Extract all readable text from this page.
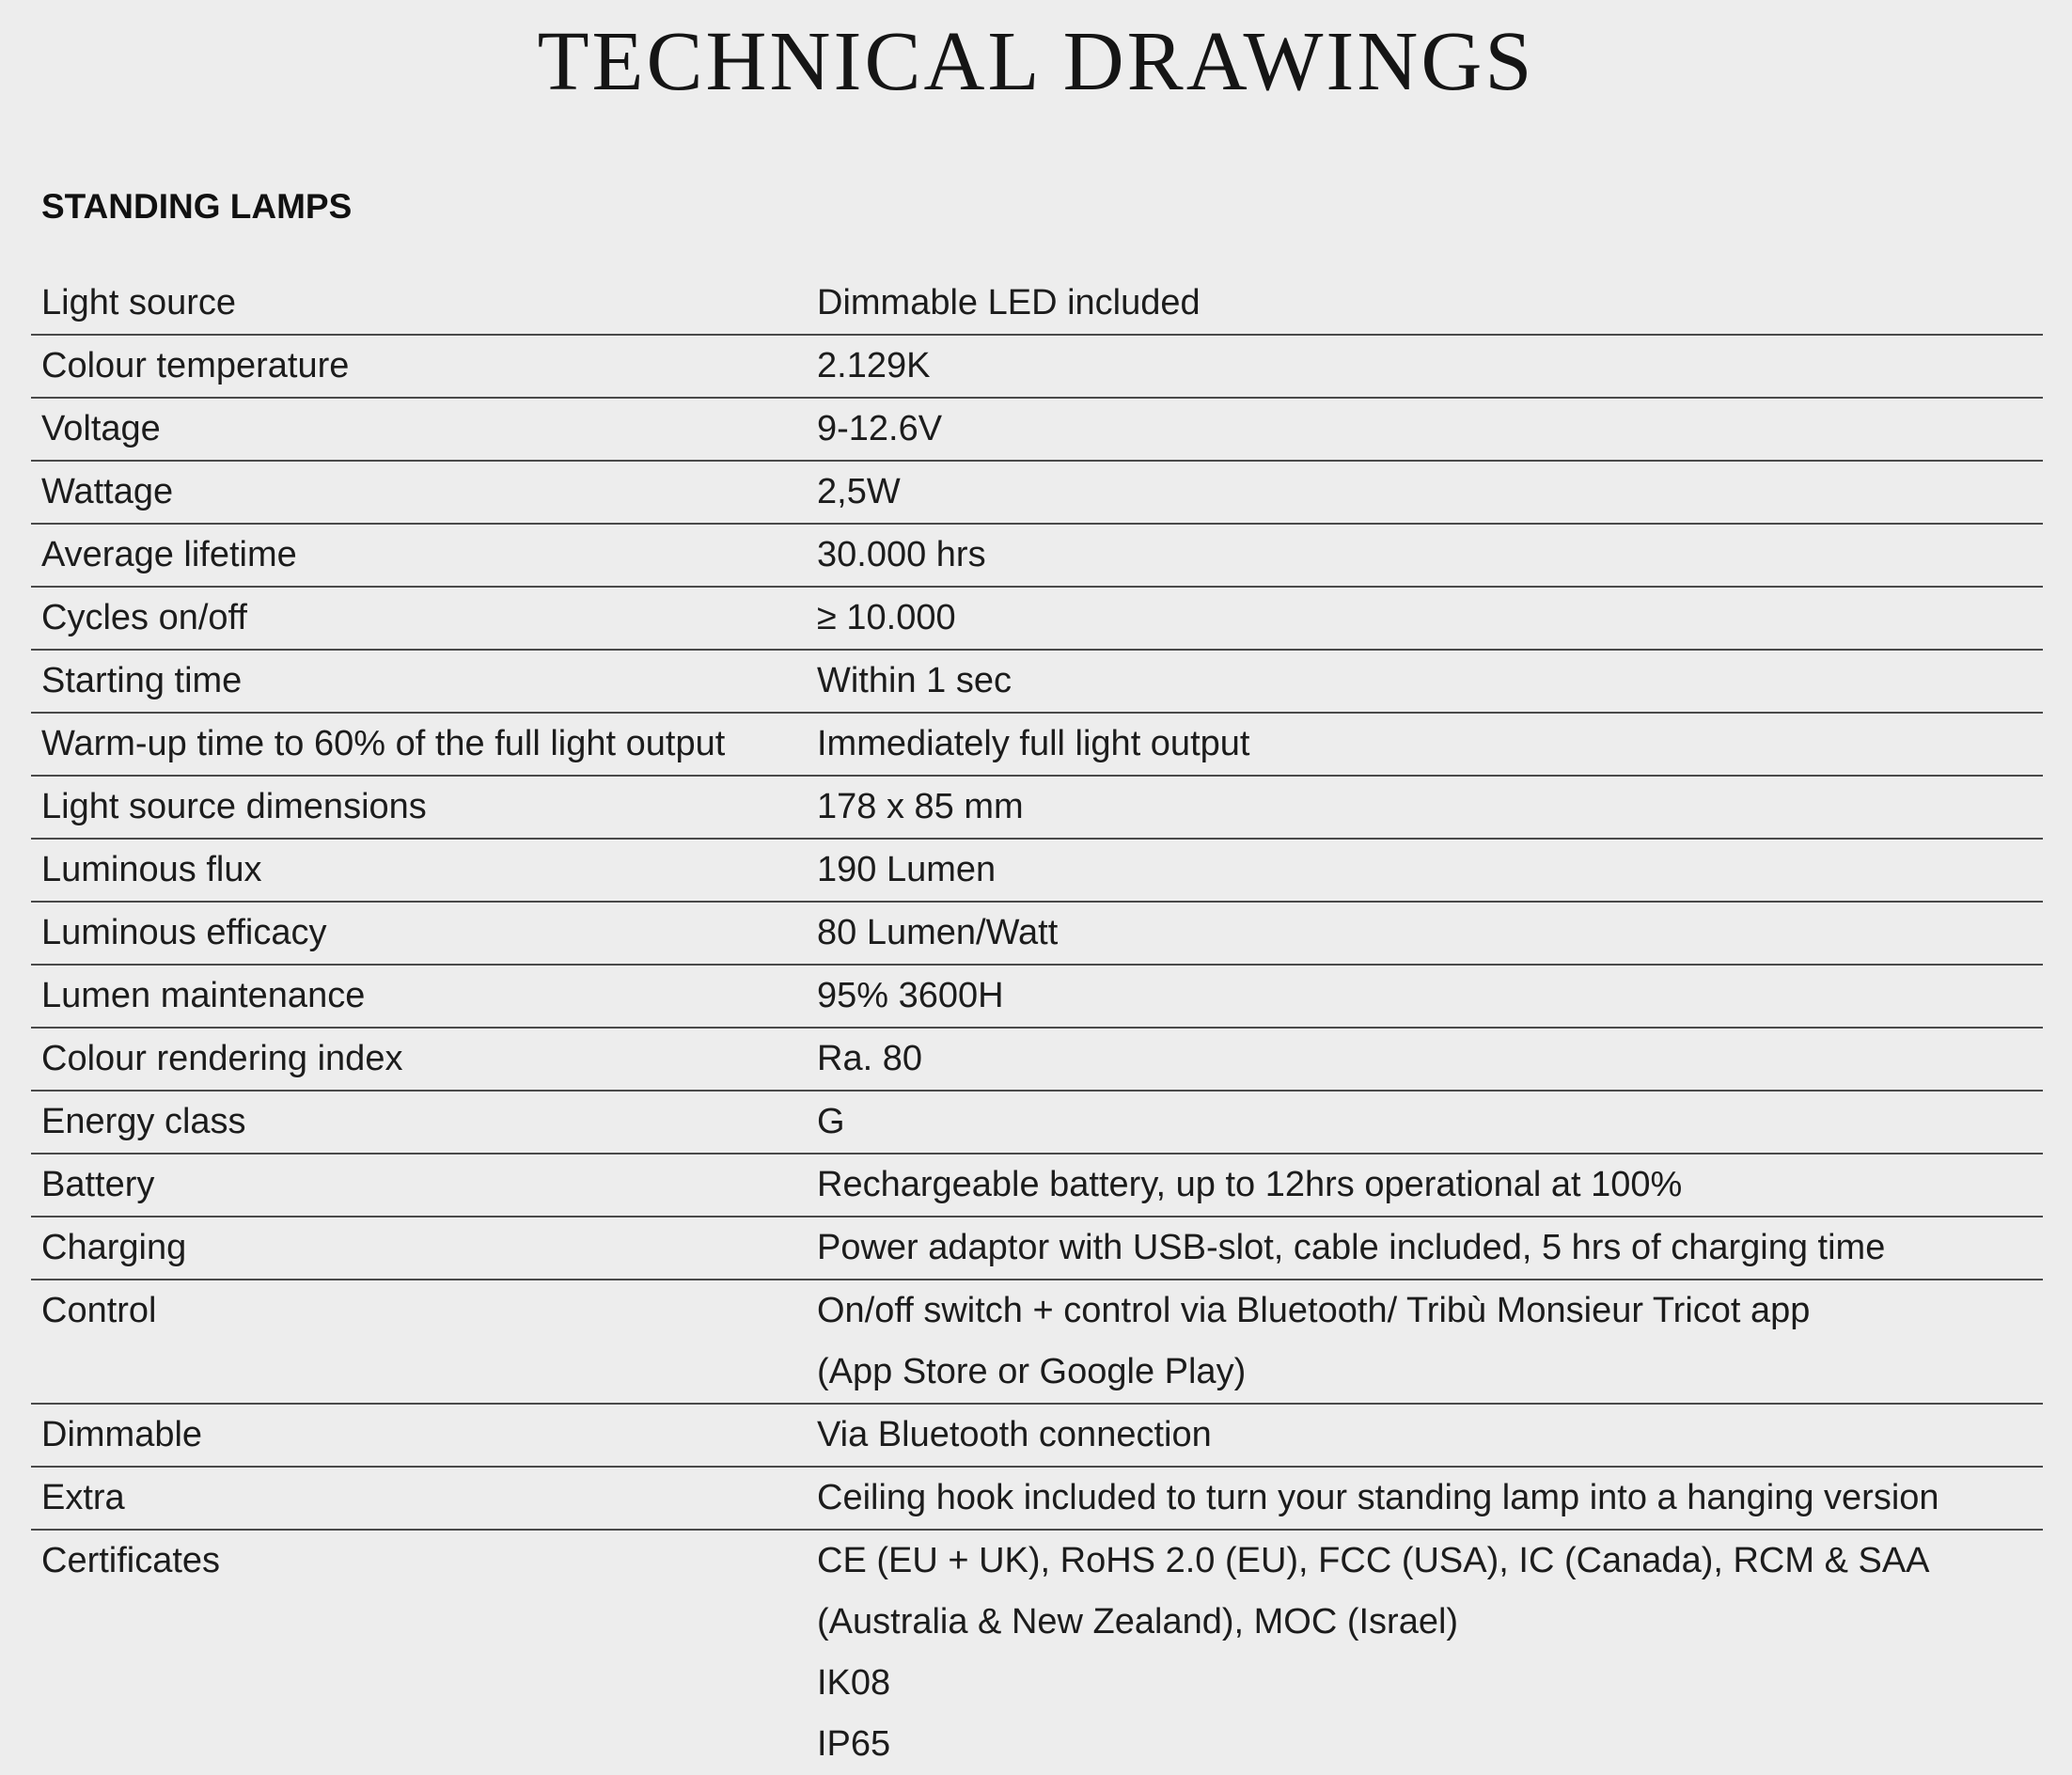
TECHNICAL DRAWINGS
STANDING LAMPS
Light source	Dimmable LED included
Colour temperature	2.129K
Voltage	9-12.6V
Wattage	2,5W
Average lifetime	30.000 hrs
Cycles on/off	≥ 10.000
Starting time	Within 1 sec
Warm-up time to 60% of the full light output	Immediately full light output
Light source dimensions	178 x 85 mm
Luminous flux	190 Lumen
Luminous efficacy	80 Lumen/Watt
Lumen maintenance	95% 3600H
Colour rendering index	Ra. 80
Energy class	G
Battery	Rechargeable battery, up to 12hrs operational at 100%
Charging	Power adaptor with USB-slot, cable included, 5 hrs of charging time
Control	On/off switch + control via Bluetooth/ Tribù Monsieur Tricot app
(App Store or Google Play)
Dimmable	Via Bluetooth connection
Extra	Ceiling hook included to turn your standing lamp into a hanging version
Certificates	CE (EU + UK), RoHS 2.0 (EU), FCC (USA), IC (Canada), RCM & SAA
(Australia & New Zealand), MOC (Israel)
IK08
IP65
